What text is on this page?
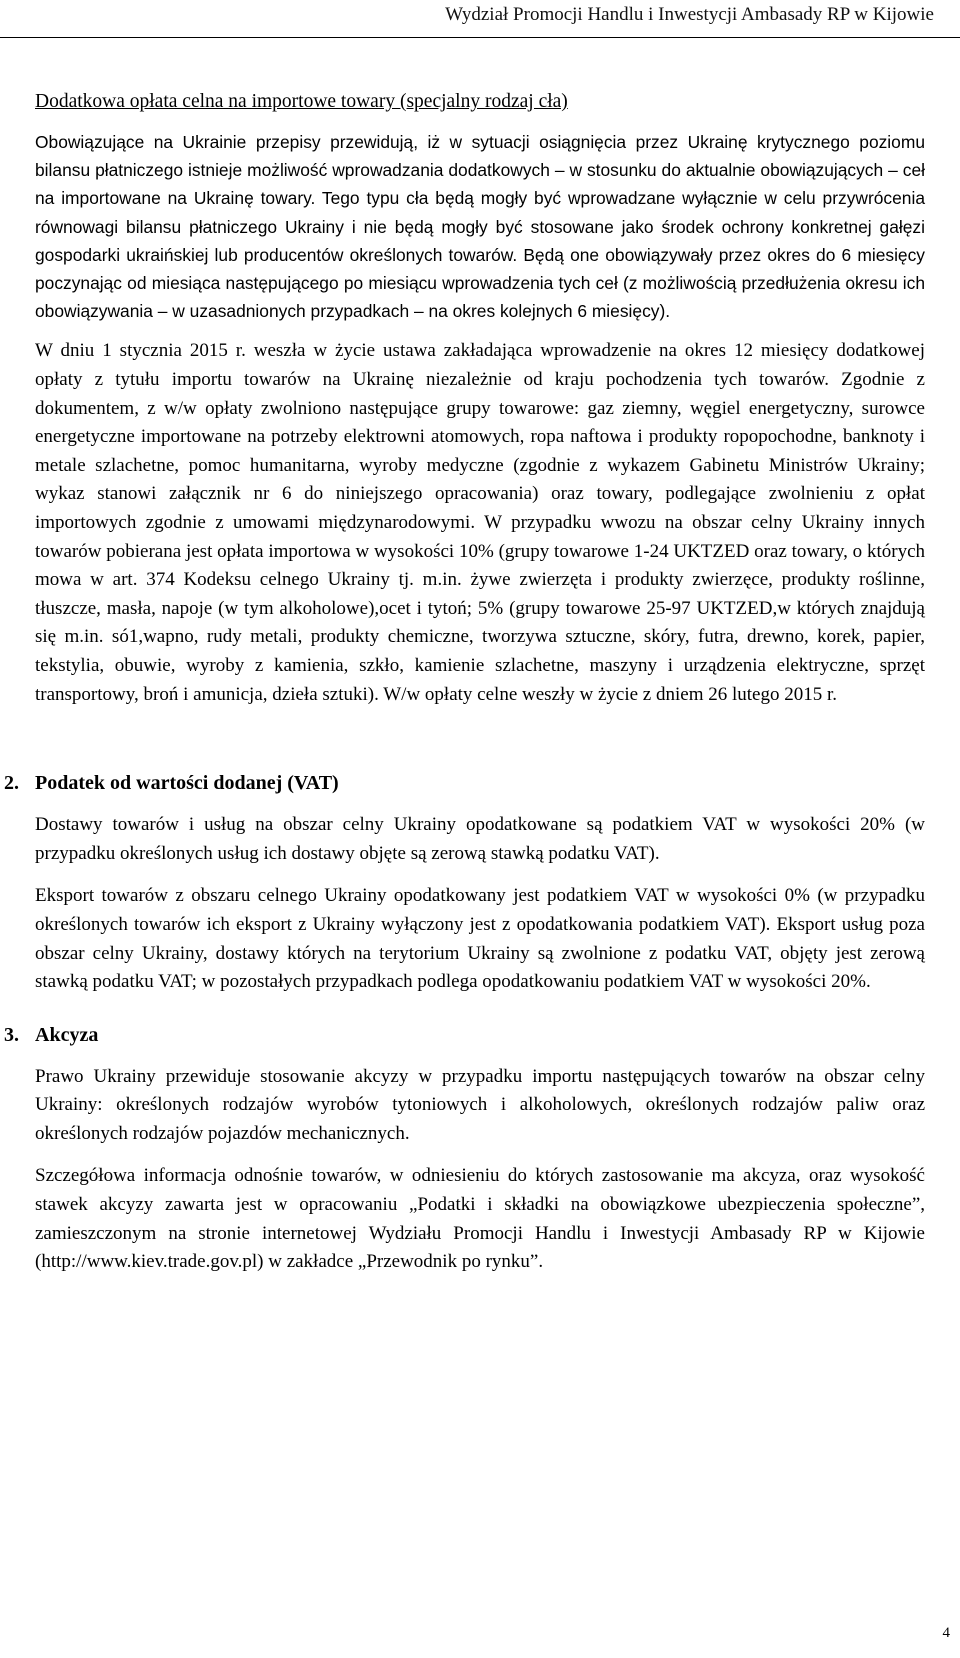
Wydział Promocji Handlu i Inwestycji Ambasady RP w Kijowie
Dodatkowa opłata celna na importowe towary (specjalny rodzaj cła)

Obowiązujące na Ukrainie przepisy przewidują, iż w sytuacji osiągnięcia przez Ukrainę krytycznego poziomu bilansu płatniczego istnieje możliwość wprowadzania dodatkowych – w stosunku do aktualnie obowiązujących – ceł na importowane na Ukrainę towary. Tego typu cła będą mogły być wprowadzane wyłącznie w celu przywrócenia równowagi bilansu płatniczego Ukrainy i nie będą mogły być stosowane jako środek ochrony konkretnej gałęzi gospodarki ukraińskiej lub producentów określonych towarów. Będą one obowiązywały przez okres do 6 miesięcy poczynając od miesiąca następującego po miesiącu wprowadzenia tych ceł (z możliwością przedłużenia okresu ich obowiązywania – w uzasadnionych przypadkach – na okres kolejnych 6 miesięcy).

W dniu 1 stycznia 2015 r. weszła w życie ustawa zakładająca wprowadzenie na okres 12 miesięcy dodatkowej opłaty z tytułu importu towarów na Ukrainę niezależnie od kraju pochodzenia tych towarów. Zgodnie z dokumentem, z w/w opłaty zwolniono następujące grupy towarowe: gaz ziemny, węgiel energetyczny, surowce energetyczne importowane na potrzeby elektrowni atomowych, ropa naftowa i produkty ropopochodne, banknoty i metale szlachetne, pomoc humanitarna, wyroby medyczne (zgodnie z wykazem Gabinetu Ministrów Ukrainy; wykaz stanowi załącznik nr 6 do niniejszego opracowania) oraz towary, podlegające zwolnieniu z opłat importowych zgodnie z umowami międzynarodowymi. W przypadku wwozu na obszar celny Ukrainy innych towarów pobierana jest opłata importowa w wysokości 10% (grupy towarowe 1-24 UKTZED oraz towary, o których mowa w art. 374 Kodeksu celnego Ukrainy tj. m.in. żywe zwierzęta i produkty zwierzęce, produkty roślinne, tłuszcze, masła, napoje (w tym alkoholowe),ocet i tytoń; 5% (grupy towarowe 25-97 UKTZED,w których znajdują się m.in. só1,wapno, rudy metali, produkty chemiczne, tworzywa sztuczne, skóry, futra, drewno, korek, papier, tekstylia, obuwie, wyroby z kamienia, szkło, kamienie szlachetne, maszyny i urządzenia elektryczne, sprzęt transportowy, broń i amunicja, dzieła sztuki). W/w opłaty celne weszły w życie z dniem 26 lutego 2015 r.

2. Podatek od wartości dodanej (VAT)

Dostawy towarów i usług na obszar celny Ukrainy opodatkowane są podatkiem VAT w wysokości 20% (w przypadku określonych usług ich dostawy objęte są zerową stawką podatku VAT).

Eksport towarów z obszaru celnego Ukrainy opodatkowany jest podatkiem VAT w wysokości 0% (w przypadku określonych towarów ich eksport z Ukrainy wyłączony jest z opodatkowania podatkiem VAT). Eksport usług poza obszar celny Ukrainy, dostawy których na terytorium Ukrainy są zwolnione z podatku VAT, objęty jest zerową stawką podatku VAT; w pozostałych przypadkach podlega opodatkowaniu podatkiem VAT w wysokości 20%.

3. Akcyza

Prawo Ukrainy przewiduje stosowanie akcyzy w przypadku importu następujących towarów na obszar celny Ukrainy: określonych rodzajów wyrobów tytoniowych i alkoholowych, określonych rodzajów paliw oraz określonych rodzajów pojazdów mechanicznych.

Szczegółowa informacja odnośnie towarów, w odniesieniu do których zastosowanie ma akcyza, oraz wysokość stawek akcyzy zawarta jest w opracowaniu „Podatki i składki na obowiązkowe ubezpieczenia społeczne”, zamieszczonym na stronie internetowej Wydziału Promocji Handlu i Inwestycji Ambasady RP w Kijowie (http://www.kiev.trade.gov.pl) w zakładce „Przewodnik po rynku”.

4
